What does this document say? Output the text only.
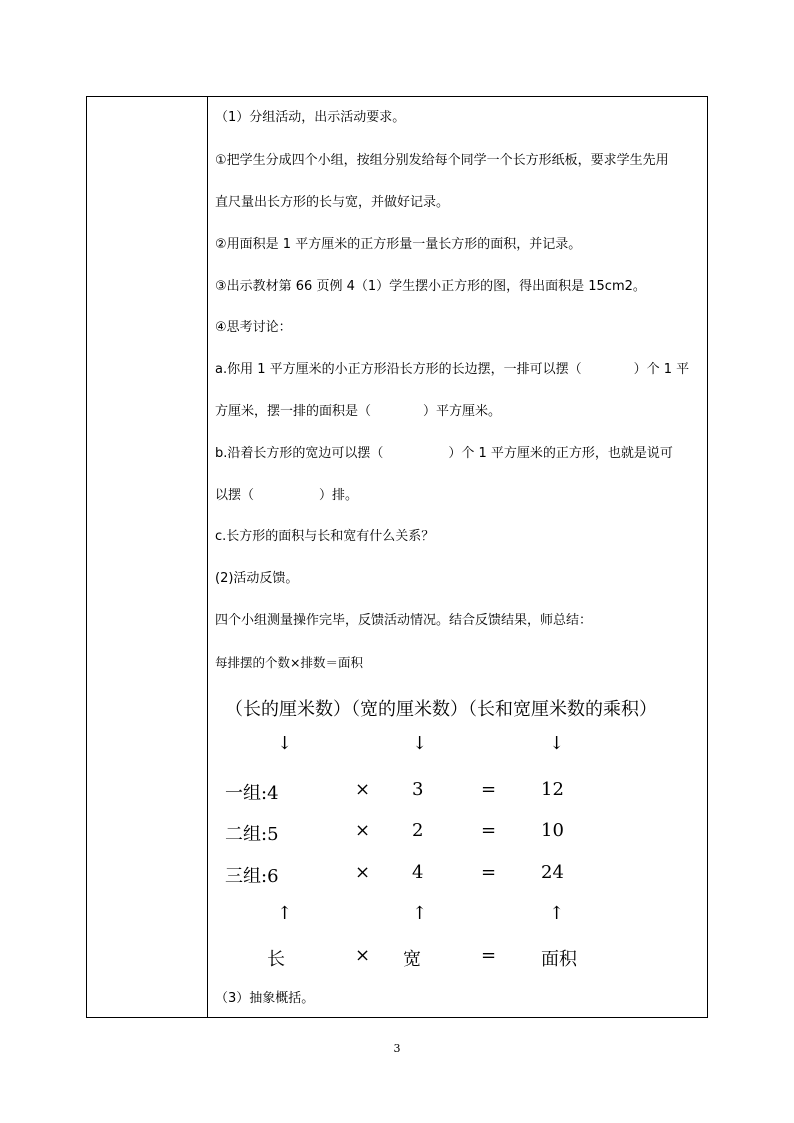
（1）分组活动，出示活动要求。
①把学生分成四个小组，按组分别发给每个同学一个长方形纸板，要求学生先用
直尺量出长方形的长与宽，并做好记录。
②用面积是 1 平方厘米的正方形量一量长方形的面积，并记录。
③出示教材第 66 页例 4（1）学生摆小正方形的图，得出面积是 15cm2。
④思考讨论：
a.你用 1 平方厘米的小正方形沿长方形的长边摆，一排可以摆（　　　　）个 1 平
方厘米，摆一排的面积是（　　　　）平方厘米。
b.沿着长方形的宽边可以摆（　　　　　）个 1 平方厘米的正方形，也就是说可
以摆（　　　　　）排。
c.长方形的面积与长和宽有什么关系？
(2)活动反馈。
四个小组测量操作完毕，反馈活动情况。结合反馈结果，师总结：
每排摆的个数×排数＝面积
（长的厘米数）（宽的厘米数）（长和宽厘米数的乘积）
↓	↓	↓
一组:4	× 3	= 12
二组:5	× 2	= 10
三组:6	× 4	= 24
↑	↑	↑
长	× 宽	= 面积
（3）抽象概括。
3
